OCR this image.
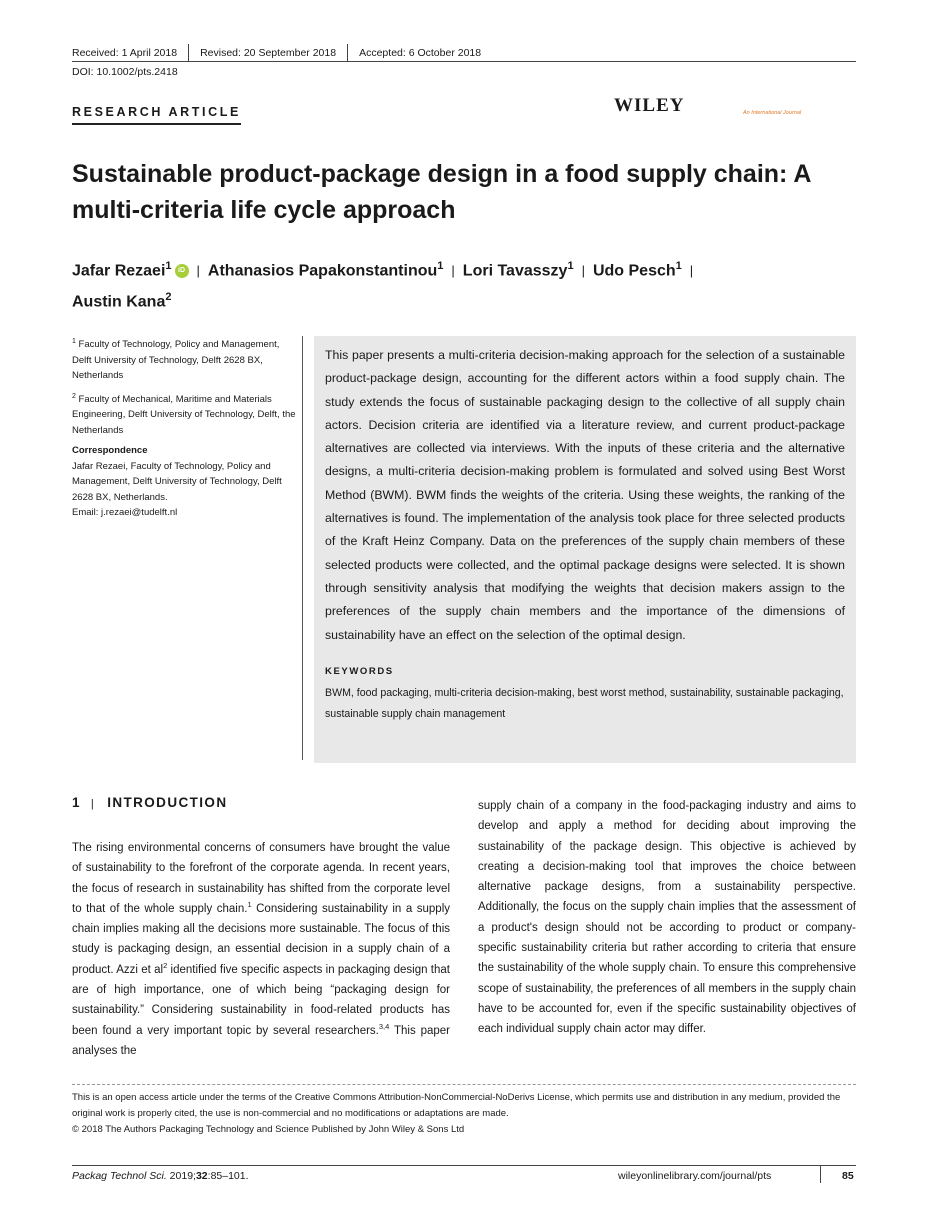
Received: 1 April 2018	Revised: 20 September 2018	Accepted: 6 October 2018
DOI: 10.1002/pts.2418
RESEARCH ARTICLE	WILEY	An International Journal
Sustainable product-package design in a food supply chain: A multi-criteria life cycle approach
Jafar Rezaei$^1$ iD | Athanasios Papakonstantinou$^1$ | Lori Tavasszy$^1$ | Udo Pesch$^1$ |
Austin Kana$^2$

$^1$ Faculty of Technology, Policy and Management, Delft University of Technology, Delft 2628 BX, Netherlands

$^2$ Faculty of Mechanical, Maritime and Materials Engineering, Delft University of Technology, Delft, the Netherlands

Correspondence

Jafar Rezaei, Faculty of Technology, Policy and Management, Delft University of Technology, Delft 2628 BX, Netherlands.

Email: j.rezaei@tudelft.nl

This paper presents a multi-criteria decision-making approach for the selection of a sustainable product-package design, accounting for the different actors within a food supply chain. The study extends the focus of sustainable packaging design to the collective of all supply chain actors. Decision criteria are identified via a literature review, and current product-package alternatives are collected via interviews. With the inputs of these criteria and the alternative designs, a multi-criteria decision-making problem is formulated and solved using Best Worst Method (BWM). BWM finds the weights of the criteria. Using these weights, the ranking of the alternatives is found. The implementation of the analysis took place for three selected products of the Kraft Heinz Company. Data on the preferences of the supply chain members of these selected products were collected, and the optimal package designs were selected. It is shown through sensitivity analysis that modifying the weights that decision makers assign to the preferences of the supply chain members and the importance of the dimensions of sustainability have an effect on the selection of the optimal design.

KEYWORDS

BWM, food packaging, multi-criteria decision-making, best worst method, sustainability, sustainable packaging, sustainable supply chain management

1 | INTRODUCTION

The rising environmental concerns of consumers have brought the value of sustainability to the forefront of the corporate agenda. In recent years, the focus of research in sustainability has shifted from the corporate level to that of the whole supply chain.$^1$ Considering sustainability in a supply chain implies making all the decisions more sustainable. The focus of this study is packaging design, an essential decision in a supply chain of a product. Azzi et $al^2$ identified five specific aspects in packaging design that are of high importance, one of which being “packaging design for sustainability.” Considering sustainability in food-related products has been found a very important topic by several researchers.$^{3,4}$ This paper analyses the

supply chain of a company in the food-packaging industry and aims to develop and apply a method for deciding about improving the sustainability of the package design. This objective is achieved by creating a decision-making tool that improves the choice between alternative package designs, from a sustainability perspective. Additionally, the focus on the supply chain implies that the assessment of a product's design should not be according to product or company-specific sustainability criteria but rather according to criteria that ensure the sustainability of the whole supply chain. To ensure this comprehensive scope of sustainability, the preferences of all members in the supply chain have to be accounted for, even if the specific sustainability objectives of each individual supply chain actor may differ.

This is an open access article under the terms of the Creative Commons Attribution-NonCommercial-NoDerivs License, which permits use and distribution in any medium, provided the original work is properly cited, the use is non-commercial and no modifications or adaptations are made.
© 2018 The Authors Packaging Technology and Science Published by John Wiley & Sons Ltd

Packag Technol Sci. 2019;32:85–101.	wileyonlinelibrary.com/journal/pts	85
